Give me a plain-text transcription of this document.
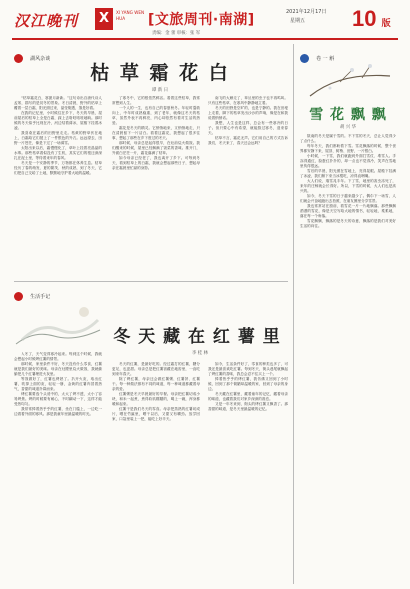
汉江晚刊	X	XI YANG WEN HUA	[文旅周刊·南湖]	2021年12月17日
星期五 10 版
责编：金 蕾 审核：张 军
湖风杂谈
枯 草 霜 花 白
谭 新 日

“枯草霜花白，寒窗月新新。”这句诗出自唐代诗人孟郊，描写的是初冬的景象。冬日清晨，野外的枯草上覆着一层白霜，阳光照过来，晶莹剔透，煞是好看。

在我的记忆里，小时候住在乡下，冬天的早晨，屋前屋后的枯草上全是白霜，踩上去咯吱咯吱地响。那时候的冬天似乎比现在冷，河边结着薄冰，屋檐下挂着冰凌。

我喜欢在霜后的田野里走走。枯黄的野草伏在地上，白霜给它们披上了一件银色的外衣。远远望去，田野一片苍茫，像是下过了一场薄雪。

太阳出来以后，霜慢慢化了，草叶上挂着亮晶晶的水珠。那些枯草看似没有了生机，其实它们的根还深深扎在泥土里，等待着来年的春风。

冬天是一个安静的季节，万物都在休养生息。枯草经历了春的萌发、夏的繁茂、秋的成熟，到了冬天，它们把自己交给了土地，默默地守护着大地的温暖。

了寒冬中，它的根依然鲜活。看着这些枯草，我常常想到人生。

一个人的一生，也有自己的春夏秋冬。年轻时蓬勃向上，中年时成熟稳重，到了老年，就像这冬天的枯草，虽然外表不再鲜亮，内心却依然有着对生活的热爱。

霜花是冬天的精灵。它悄悄地来，又悄悄地走，只在清晨留下一片洁白。看着这霜花，我想起了很多往事，想起了那些在乡下度过的冬天。

那时候，母亲总是起得很早，在灶前烧火做饭。我们醒来的时候，屋里已经飘满了饭菜的香味。推开门，外面白茫茫一片，霜花落满了枯草。

如今母亲已经老了，我也离开了乡下。可每到冬天，看到枯草上的白霜，我就会想起那些日子，想起母亲在霜晨里忙碌的身影。

南飞的大雁走了，草丛里的虫子也不再鸣叫。只有这些枯草，在寒风中静静地立着。

冬天的田野是空旷的，也是宁静的。我在田埂上走着，脚下的枯草发出沙沙的声响，像是在和我说着悄悄话。

我想，人生也是这样，总会有一些寒冷的日子。但只要心中有希望，就能熬过寒冬，迎来春天。

枯草不言，霜花无声。它们用自己的方式告诉我们，冬天来了，春天还会远吗？

生活手记
冬 天 藏 在 红 薯 里
李 桂 林

入冬了，天气变得寒冷起来。每到这个时候，我就会想起小时候烤红薯的情景。

那时候，家里条件不好，冬天没有什么零食，红薯就是我们最好的美味。母亲在灶膛里烧火做饭，我就偷偷把几个红薯埋进火灰里。

等饭做好了，红薯也烤熟了。扒开火灰，取出红薯，吹掉上面的灰，轻轻一掰，金黄的红薯肉冒着热气，香甜的味道扑鼻而来。

烤红薯要选个头适中的，太大了烤不透，太小了容易烤焦。烤的时候要有耐心，不时翻动一下，这样才能受热均匀。

我常常捧着热乎乎的红薯，坐在门槛上，一边吃一边看着外面的寒风。那是我童年里最温暖的时光。

冬天的红薯，是最好吃的。经过霜打的红薯，糖分更足，也更甜。母亲总是把红薯窖藏在地窖里，一直吃到来年春天。

除了烤红薯，母亲还会做红薯粥、红薯饼、红薯干。每一种做法都有不同的味道，每一种味道都藏着母亲的爱。

红薯粥是冬天早晨最好的早餐。母亲把红薯切成小块，和米一起煮，煮得软软糯糯的，喝上一碗，浑身都暖和起来。

红薯干是我们冬天的零食。母亲把蒸熟的红薯切成片，晒在竹匾里，晒干以后，又甜又有嚼劲。放学回家，口袋里装上一把，能吃上好半天。

如今，生活条件好了，零食的种类也多了，可我还是最喜欢吃红薯。每到冬天，街头巷尾就飘起了烤红薯的香味，我总会忍不住买上一个。

捧着热乎乎的烤红薯，我仿佛又回到了小时候，回到了那个简陋却温暖的家，回到了母亲的身边。

冬天藏在红薯里，藏着童年的记忆，藏着母亲的味道，也藏着我们对家乡深深的眷恋。

又是一年冬来到，街头的烤红薯又飘香了。那香甜的味道，是冬天里最温暖的记忆。

卷 一 斛
雪 花 飘 飘
胡 兴 华

陕南的冬天是属于雪的。不下雪的冬天，总让人觉得少了点什么。

每年冬天，我们都盼着下雪。雪花飘落的时候，整个世界都安静下来，屋顶、树梢、田野，一片银白。

小时候，一下雪，我们就跑到外面打雪仗、堆雪人。手冻得通红，脸蛋红扑扑的，却一点也不觉得冷，笑声在雪地里传得很远。

雪后的早晨，阳光照在雪地上，亮得晃眼。屋檐下挂满了冰凌，我们掰下来当冰棍吃，凉得直咧嘴。

大人们说，瑞雪兆丰年。下了雪，地里的害虫冻死了，来年的庄稼就会长得好。所以，下雪的时候，大人们也是高兴的。

如今，冬天下雪的日子越来越少了。偶尔下一场雪，人们就会兴奋地跑出去拍照，在朋友圈里分享雪景。

我也常常站在窗前，看雪花一片一片地飘落。那些飘飘洒洒的雪花，像是天空写给大地的情书，轻轻地，柔柔地，落在每一个角落。

雪花飘飘，飘落的是冬天的诗意，飘落的是我们对美好生活的向往。
